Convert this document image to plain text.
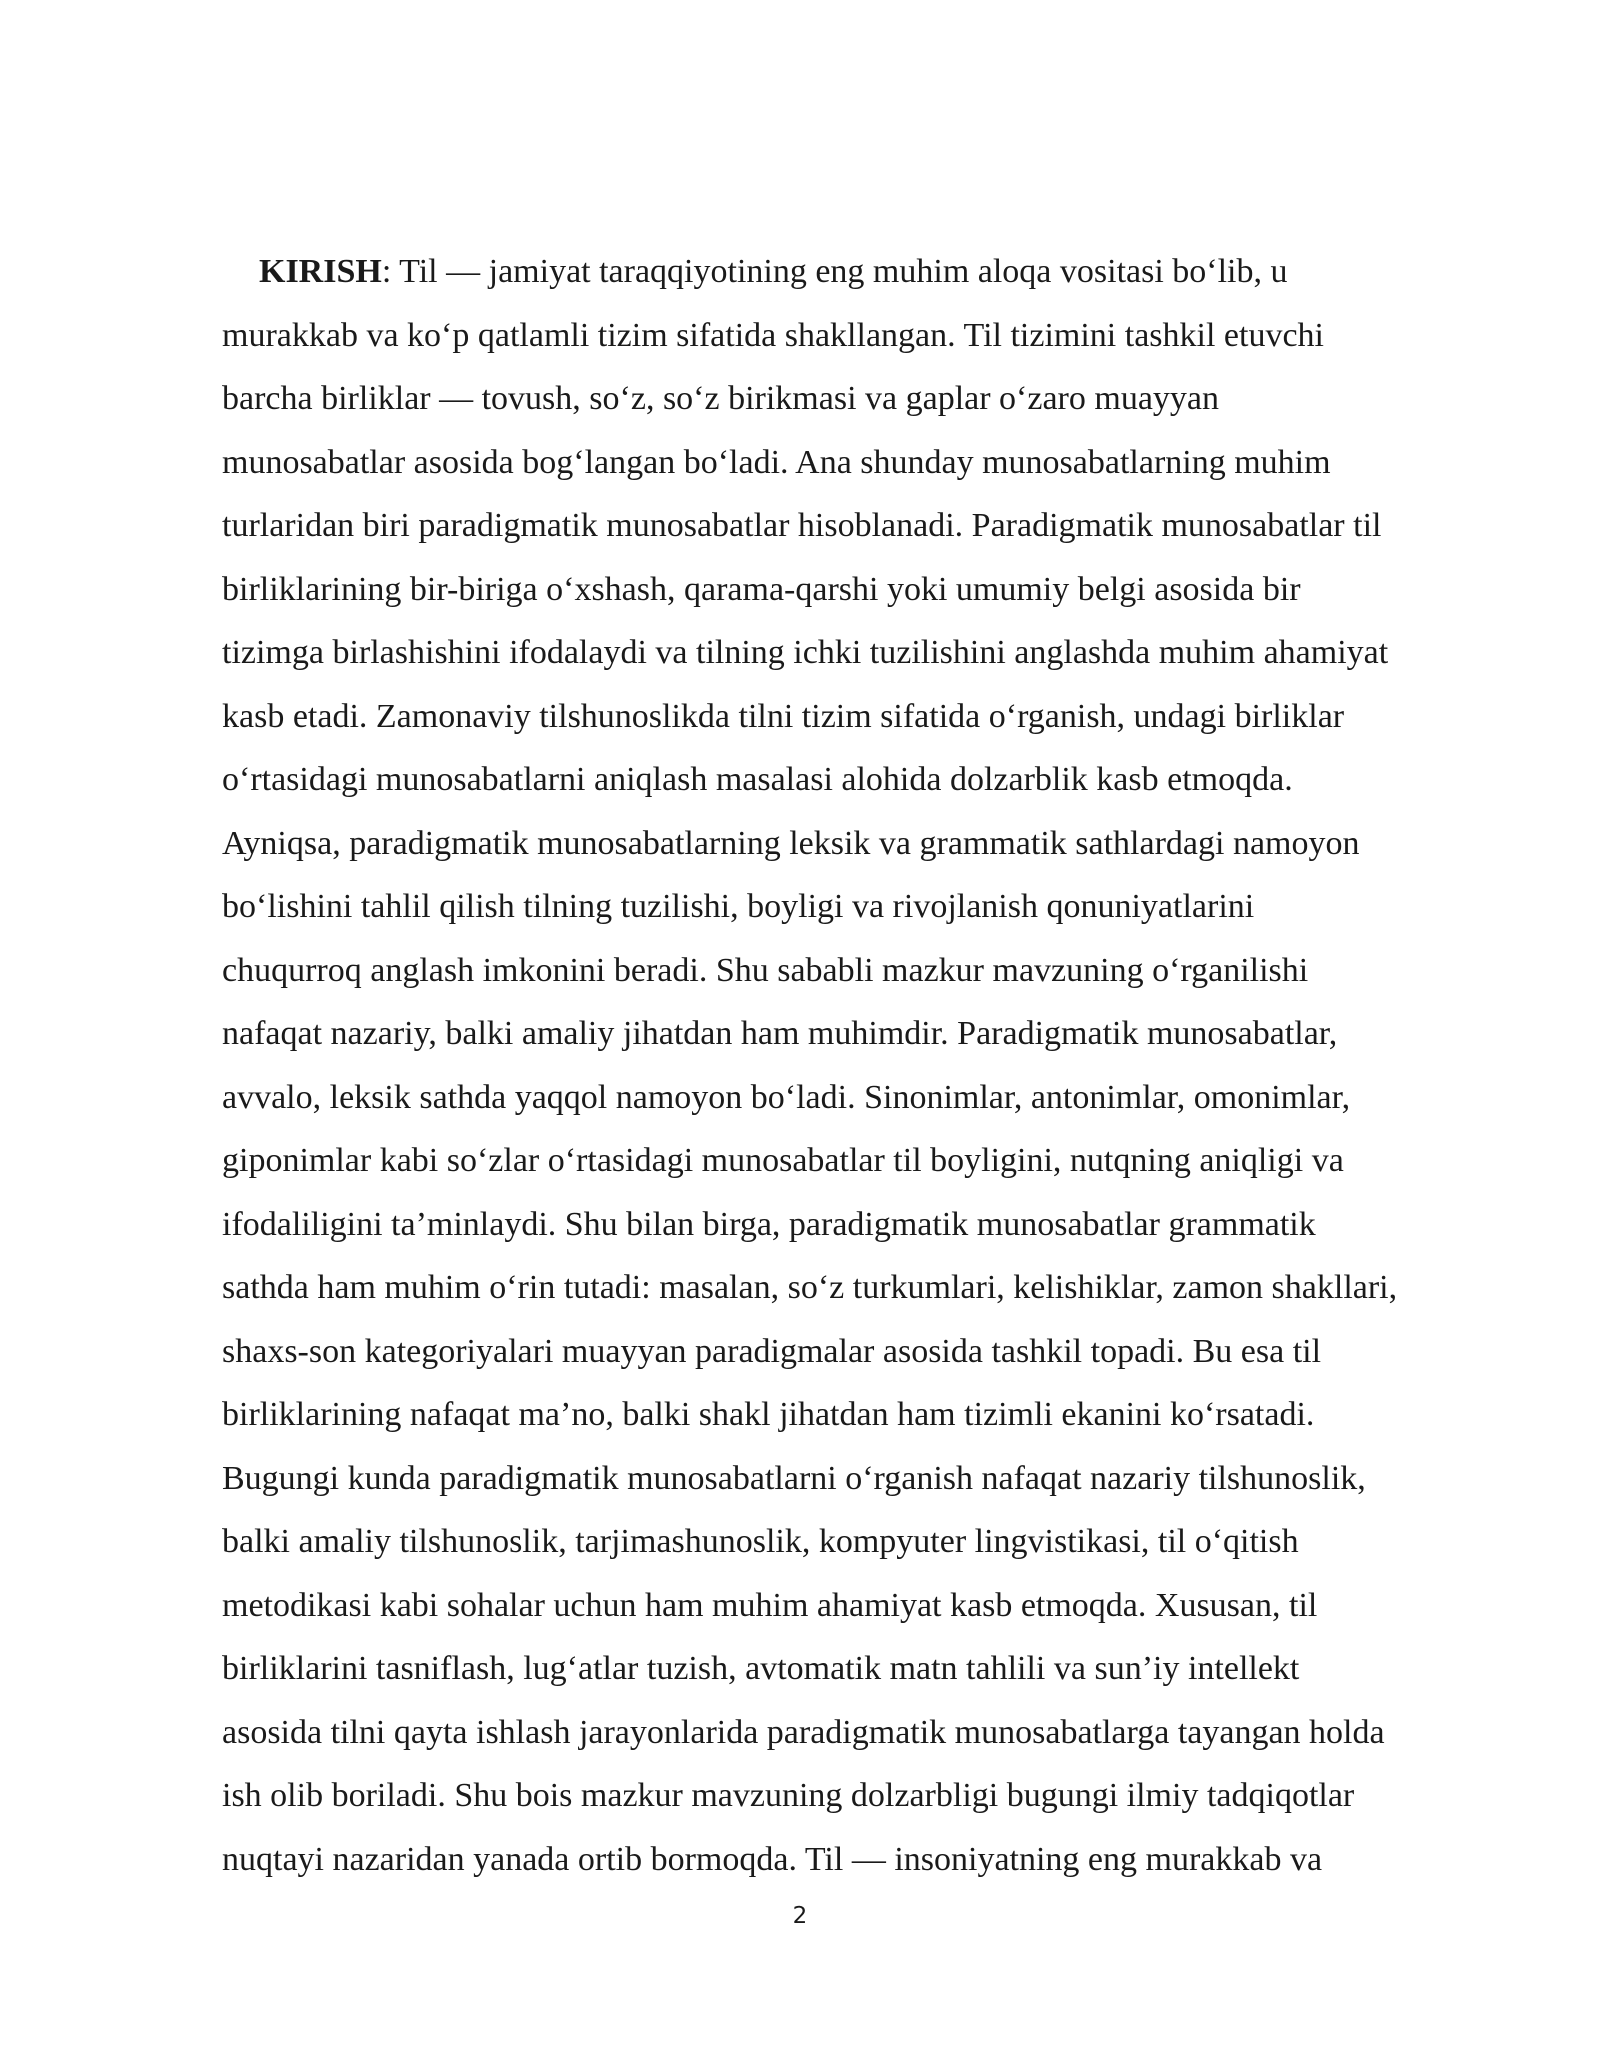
KIRISH: Til — jamiyat taraqqiyotining eng muhim aloqa vositasi bo‘lib, u
murakkab va ko‘p qatlamli tizim sifatida shakllangan. Til tizimini tashkil etuvchi
barcha birliklar — tovush, so‘z, so‘z birikmasi va gaplar o‘zaro muayyan
munosabatlar asosida bog‘langan bo‘ladi. Ana shunday munosabatlarning muhim
turlaridan biri paradigmatik munosabatlar hisoblanadi. Paradigmatik munosabatlar til
birliklarining bir-biriga o‘xshash, qarama-qarshi yoki umumiy belgi asosida bir
tizimga birlashishini ifodalaydi va tilning ichki tuzilishini anglashda muhim ahamiyat
kasb etadi. Zamonaviy tilshunoslikda tilni tizim sifatida o‘rganish, undagi birliklar
o‘rtasidagi munosabatlarni aniqlash masalasi alohida dolzarblik kasb etmoqda.
Ayniqsa, paradigmatik munosabatlarning leksik va grammatik sathlardagi namoyon
bo‘lishini tahlil qilish tilning tuzilishi, boyligi va rivojlanish qonuniyatlarini
chuqurroq anglash imkonini beradi. Shu sababli mazkur mavzuning o‘rganilishi
nafaqat nazariy, balki amaliy jihatdan ham muhimdir. Paradigmatik munosabatlar,
avvalo, leksik sathda yaqqol namoyon bo‘ladi. Sinonimlar, antonimlar, omonimlar,
giponimlar kabi so‘zlar o‘rtasidagi munosabatlar til boyligini, nutqning aniqligi va
ifodaliligini ta’minlaydi. Shu bilan birga, paradigmatik munosabatlar grammatik
sathda ham muhim o‘rin tutadi: masalan, so‘z turkumlari, kelishiklar, zamon shakllari,
shaxs-son kategoriyalari muayyan paradigmalar asosida tashkil topadi. Bu esa til
birliklarining nafaqat ma’no, balki shakl jihatdan ham tizimli ekanini ko‘rsatadi.
Bugungi kunda paradigmatik munosabatlarni o‘rganish nafaqat nazariy tilshunoslik,
balki amaliy tilshunoslik, tarjimashunoslik, kompyuter lingvistikasi, til o‘qitish
metodikasi kabi sohalar uchun ham muhim ahamiyat kasb etmoqda. Xususan, til
birliklarini tasniflash, lug‘atlar tuzish, avtomatik matn tahlili va sun’iy intellekt
asosida tilni qayta ishlash jarayonlarida paradigmatik munosabatlarga tayangan holda
ish olib boriladi. Shu bois mazkur mavzuning dolzarbligi bugungi ilmiy tadqiqotlar
nuqtayi nazaridan yanada ortib bormoqda. Til — insoniyatning eng murakkab va
2
